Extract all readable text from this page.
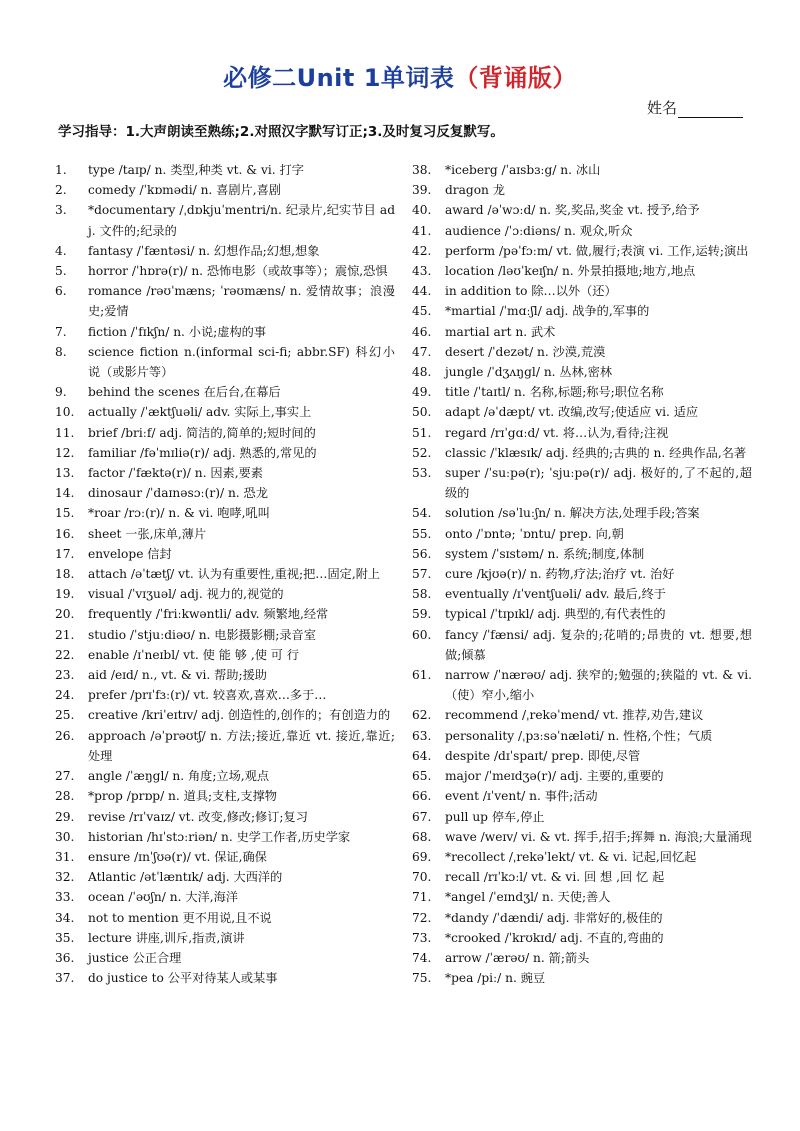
必修二Unit 1单词表（背诵版）
姓名
学习指导：1.大声朗读至熟练;2.对照汉字默写订正;3.及时复习反复默写。
1.	type /taɪp/ n. 类型,种类 vt. & vi. 打字
2.	comedy /ˈkɒmədi/ n. 喜剧片,喜剧
3.	*documentary /ˌdɒkjuˈmentri/n. 纪录片,纪实节目 adj. 文件的;纪录的
4.	fantasy /ˈfæntəsi/ n. 幻想作品;幻想,想象
5.	horror /ˈhɒrə(r)/ n. 恐怖电影（或故事等）；震惊,恐惧
6.	romance /rəʊˈmæns; ˈrəʊmæns/ n. 爱情故事；浪漫史;爱情
7.	fiction /ˈfɪkʃn/ n. 小说;虚构的事
8.	science fiction n.(informal sci-fi; abbr.SF) 科幻小说（或影片等）
9.	behind the scenes 在后台,在幕后
10.	actually /ˈæktʃuəli/ adv. 实际上,事实上
11.	brief /briːf/ adj. 简洁的,简单的;短时间的
12.	familiar /fəˈmɪliə(r)/ adj. 熟悉的,常见的
13.	factor /ˈfæktə(r)/ n. 因素,要素
14.	dinosaur /ˈdaɪnəsɔː(r)/ n. 恐龙
15.	*roar /rɔː(r)/ n. & vi. 咆哮,吼叫
16.	sheet 一张,床单,薄片
17.	envelope 信封
18.	attach /əˈtætʃ/ vt. 认为有重要性,重视;把…固定,附上
19.	visual /ˈvɪʒuəl/ adj. 视力的,视觉的
20.	frequently /ˈfriːkwəntli/ adv. 频繁地,经常
21.	studio /ˈstjuːdiəʊ/ n. 电影摄影棚;录音室
22.	enable /ɪˈneɪbl/ vt. 使 能 够 ,使 可 行
23.	aid /eɪd/ n., vt. & vi. 帮助;援助
24.	prefer /prɪˈfɜː(r)/ vt. 较喜欢,喜欢…多于…
25.	creative /kriˈeɪtɪv/ adj. 创造性的,创作的；有创造力的
26.	approach /əˈprəʊtʃ/ n. 方法;接近,靠近 vt. 接近,靠近;处理
27.	angle /ˈæŋgl/ n. 角度;立场,观点
28.	*prop /prɒp/ n. 道具;支柱,支撑物
29.	revise /rɪˈvaɪz/ vt. 改变,修改;修订;复习
30.	historian /hɪˈstɔːriən/ n. 史学工作者,历史学家
31.	ensure /ɪnˈʃʊə(r)/ vt. 保证,确保
32.	Atlantic /ətˈlæntɪk/ adj. 大西洋的
33.	ocean /ˈəʊʃn/ n. 大洋,海洋
34.	not to mention 更不用说,且不说
35.	lecture 讲座,训斥,指责,演讲
36.	justice 公正合理
37.	do justice to 公平对待某人或某事
38.	*iceberg /ˈaɪsbɜːg/ n. 冰山
39.	dragon 龙
40.	award /əˈwɔːd/ n. 奖,奖品,奖金 vt. 授予,给予
41.	audience /ˈɔːdiəns/ n. 观众,听众
42.	perform /pəˈfɔːm/ vt. 做,履行;表演 vi. 工作,运转;演出
43.	location /ləʊˈkeɪʃn/ n. 外景拍摄地;地方,地点
44.	in addition to 除…以外（还）
45.	*martial /ˈmɑːʃl/ adj. 战争的,军事的
46.	martial art n. 武术
47.	desert /ˈdezət/ n. 沙漠,荒漠
48.	jungle /ˈdʒʌŋgl/ n. 丛林,密林
49.	title /ˈtaɪtl/ n. 名称,标题;称号;职位名称
50.	adapt /əˈdæpt/ vt. 改编,改写;使适应 vi. 适应
51.	regard /rɪˈgɑːd/ vt. 将…认为,看待;注视
52.	classic /ˈklæsɪk/ adj. 经典的;古典的 n. 经典作品,名著
53.	super /ˈsuːpə(r); ˈsjuːpə(r)/ adj. 极好的,了不起的,超级的
54.	solution /səˈluːʃn/ n. 解决方法,处理手段;答案
55.	onto /ˈɒntə; ˈɒntu/ prep. 向,朝
56.	system /ˈsɪstəm/ n. 系统;制度,体制
57.	cure /kjʊə(r)/ n. 药物,疗法;治疗 vt. 治好
58.	eventually /ɪˈventʃuəli/ adv. 最后,终于
59.	typical /ˈtɪpɪkl/ adj. 典型的,有代表性的
60.	fancy /ˈfænsi/ adj. 复杂的;花哨的;昂贵的 vt. 想要,想做;倾慕
61.	narrow /ˈnærəʊ/ adj. 狭窄的;勉强的;狭隘的 vt. & vi.（使）窄小,缩小
62.	recommend /ˌrekəˈmend/ vt. 推荐,劝告,建议
63.	personality /ˌpɜːsəˈnæləti/ n. 性格,个性；气质
64.	despite /dɪˈspaɪt/ prep. 即使,尽管
65.	major /ˈmeɪdʒə(r)/ adj. 主要的,重要的
66.	event /ɪˈvent/ n. 事件;活动
67.	pull up 停车,停止
68.	wave /weɪv/ vi. & vt. 挥手,招手;挥舞 n. 海浪;大量涌现
69.	*recollect /ˌrekəˈlekt/ vt. & vi. 记起,回忆起
70.	recall /rɪˈkɔːl/ vt. & vi. 回 想 ,回 忆 起
71.	*angel /ˈeɪndʒl/ n. 天使;善人
72.	*dandy /ˈdændi/ adj. 非常好的,极佳的
73.	*crooked /ˈkrʊkɪd/ adj. 不直的,弯曲的
74.	arrow /ˈærəʊ/ n. 箭;箭头
75.	*pea /piː/ n. 豌豆
